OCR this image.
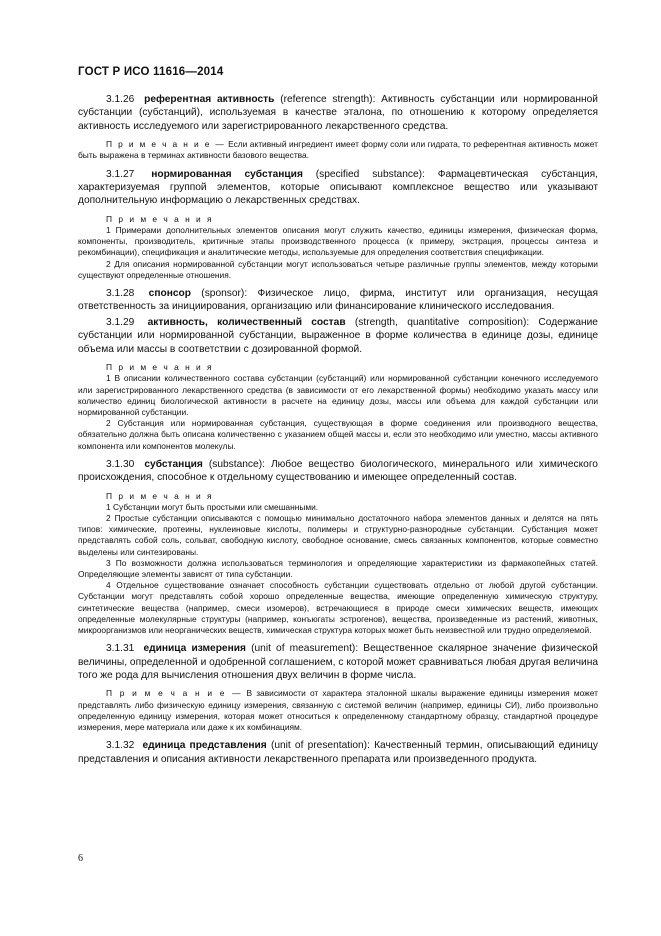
ГОСТ Р ИСО 11616—2014

3.1.26 референтная активность (reference strength): Активность субстанции или нормированной субстанции (субстанций), используемая в качестве эталона, по отношению к которому определяется активность исследуемого или зарегистрированного лекарственного средства.

П р и м е ч а н и е — Если активный ингредиент имеет форму соли или гидрата, то референтная активность может быть выражена в терминах активности базового вещества.

3.1.27 нормированная субстанция (specified substance): Фармацевтическая субстанция, характеризуемая группой элементов, которые описывают комплексное вещество или указывают дополнительную информацию о лекарственных средствах.

П р и м е ч а н и я

1 Примерами дополнительных элементов описания могут служить качество, единицы измерения, физическая форма, компоненты, производитель, критичные этапы производственного процесса (к примеру, экстрация, процессы синтеза и рекомбинации), спецификация и аналитические методы, используемые для определения соответствия спецификации.

2 Для описания нормированной субстанции могут использоваться четыре различные группы элементов, между которыми существуют определенные отношения.

3.1.28 спонсор (sponsor): Физическое лицо, фирма, институт или организация, несущая ответственность за инициирования, организацию или финансирование клинического исследования.

3.1.29 активность, количественный состав (strength, quantitative composition): Содержание субстанции или нормированной субстанции, выраженное в форме количества в единице дозы, единице объема или массы в соответствии с дозированной формой.

П р и м е ч а н и я

1 В описании количественного состава субстанции (субстанций) или нормированной субстанции конечного исследуемого или зарегистрированного лекарственного средства (в зависимости от его лекарственной формы) необходимо указать массу или количество единиц биологической активности в расчете на единицу дозы, массы или объема для каждой субстанции или нормированной субстанции.

2 Субстанция или нормированная субстанция, существующая в форме соединения или производного вещества, обязательно должна быть описана количественно с указанием общей массы и, если это необходимо или уместно, массы активного компонента или компонентов молекулы.

3.1.30 субстанция (substance): Любое вещество биологического, минерального или химического происхождения, способное к отдельному существованию и имеющее определенный состав.

П р и м е ч а н и я

1 Субстанции могут быть простыми или смешанными.

2 Простые субстанции описываются с помощью минимально достаточного набора элементов данных и делятся на пять типов: химические, протеины, нуклеиновые кислоты, полимеры и структурно-разнородные субстанции. Субстанция может представлять собой соль, сольват, свободную кислоту, свободное основание, смесь связанных компонентов, которые совместно выделены или синтезированы.

3 По возможности должна использоваться терминология и определяющие характеристики из фармакопейных статей. Определяющие элементы зависят от типа субстанции.

4 Отдельное существование означает способность субстанции существовать отдельно от любой другой субстанции. Субстанции могут представлять собой хорошо определенные вещества, имеющие определенную химическую структуру, синтетические вещества (например, смеси изомеров), встречающиеся в природе смеси химических веществ, имеющих определенные молекулярные структуры (например, конъюгаты эстрогенов), вещества, произведенные из растений, животных, микроорганизмов или неорганических веществ, химическая структура которых может быть неизвестной или трудно определяемой.

3.1.31 единица измерения (unit of measurement): Вещественное скалярное значение физической величины, определенной и одобренной соглашением, с которой может сравниваться любая другая величина того же рода для вычисления отношения двух величин в форме числа.

П р и м е ч а н и е — В зависимости от характера эталонной шкалы выражение единицы измерения может представлять либо физическую единицу измерения, связанную с системой величин (например, единицы СИ), либо произвольно определенную единицу измерения, которая может относиться к определенному стандартному образцу, стандартной процедуре измерения, мере материала или даже к их комбинациям.

3.1.32 единица представления (unit of presentation): Качественный термин, описывающий единицу представления и описания активности лекарственного препарата или произведенного продукта.

6
